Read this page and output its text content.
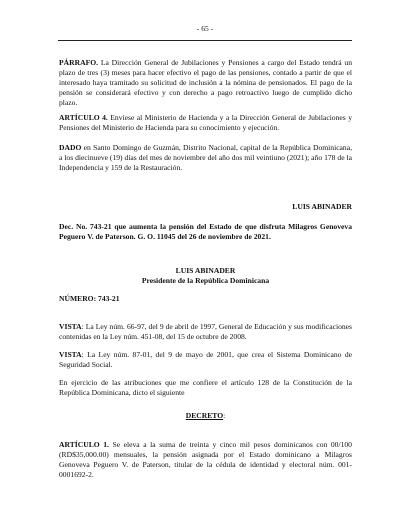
- 65 -

PÁRRAFO. La Dirección General de Jubilaciones y Pensiones a cargo del Estado tendrá un plazo de tres (3) meses para hacer efectivo el pago de las pensiones, contado a partir de que el interesado haya tramitado su solicitud de inclusión a la nómina de pensionados. El pago de la pensión se considerará efectivo y con derecho a pago retroactivo luego de cumplido dicho plazo.

ARTÍCULO 4. Envíese al Ministerio de Hacienda y a la Dirección General de Jubilaciones y Pensiones del Ministerio de Hacienda para su conocimiento y ejecución.

DADO en Santo Domingo de Guzmán, Distrito Nacional, capital de la República Dominicana, a los diecinueve (19) días del mes de noviembre del año dos mil veintiuno (2021); año 178 de la Independencia y 159 de la Restauración.

LUIS ABINADER

Dec. No. 743-21 que aumenta la pensión del Estado de que disfruta Milagros Genoveva Peguero V. de Paterson. G. O. 11045 del 26 de noviembre de 2021.

LUIS ABINADER

Presidente de la República Dominicana

NÚMERO: 743-21

VISTA: La Ley núm. 66-97, del 9 de abril de 1997, General de Educación y sus modificaciones contenidas en la Ley núm. 451-08, del 15 de octubre de 2008.

VISTA: La Ley núm. 87-01, del 9 de mayo de 2001, que crea el Sistema Dominicano de Seguridad Social.

En ejercicio de las atribuciones que me confiere el artículo 128 de la Constitución de la República Dominicana, dicto el siguiente

DECRETO:

ARTÍCULO 1. Se eleva a la suma de treinta y cinco mil pesos dominicanos con 00/100 (RD$35,000.00) mensuales, la pensión asignada por el Estado dominicano a Milagros Genoveva Peguero V. de Paterson, titular de la cédula de identidad y electoral núm. 001-0001692-2.
